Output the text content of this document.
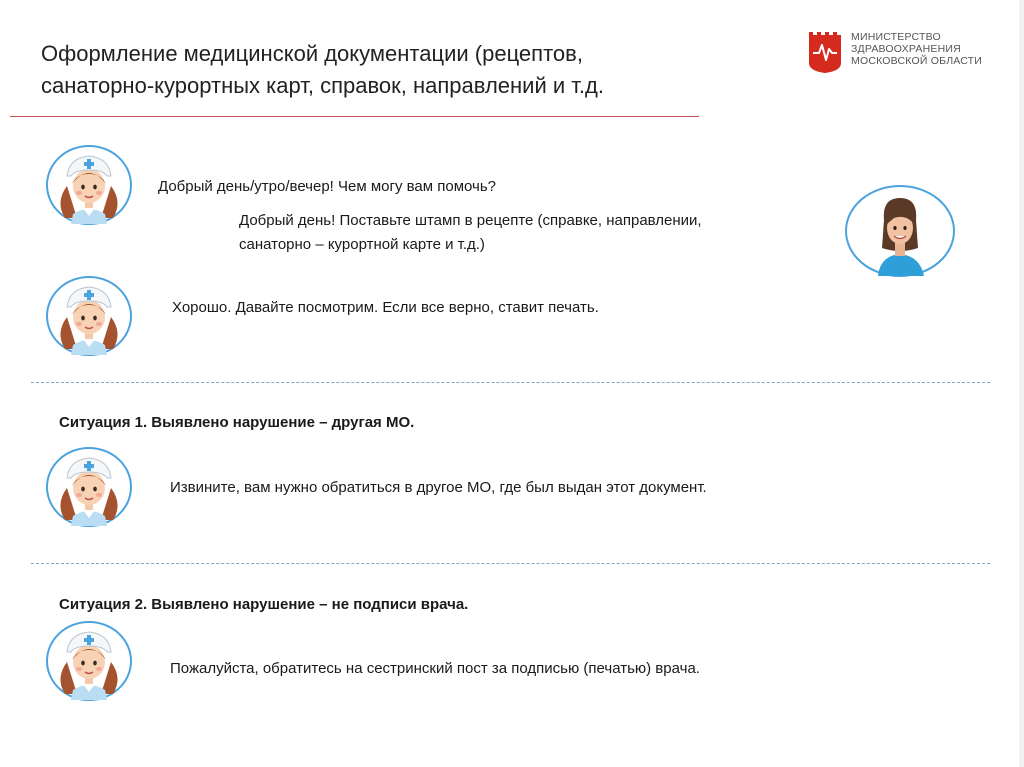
Оформление медицинской документации (рецептов,
санаторно-курортных карт, справок, направлений и т.д.
МИНИСТЕРСТВО
ЗДРАВООХРАНЕНИЯ
МОСКОВСКОЙ ОБЛАСТИ

Добрый день/утро/вечер! Чем могу вам помочь?

Добрый день! Поставьте штамп в рецепте (справке, направлении,

санаторно – курортной карте и т.д.)

Хорошо. Давайте посмотрим. Если все верно, ставит печать.

Ситуация 1. Выявлено нарушение – другая МО.

Извините, вам нужно обратиться в другое МО, где был выдан этот документ.

Ситуация 2. Выявлено нарушение – не подписи врача.

Пожалуйста, обратитесь на сестринский пост за подписью (печатью) врача.
